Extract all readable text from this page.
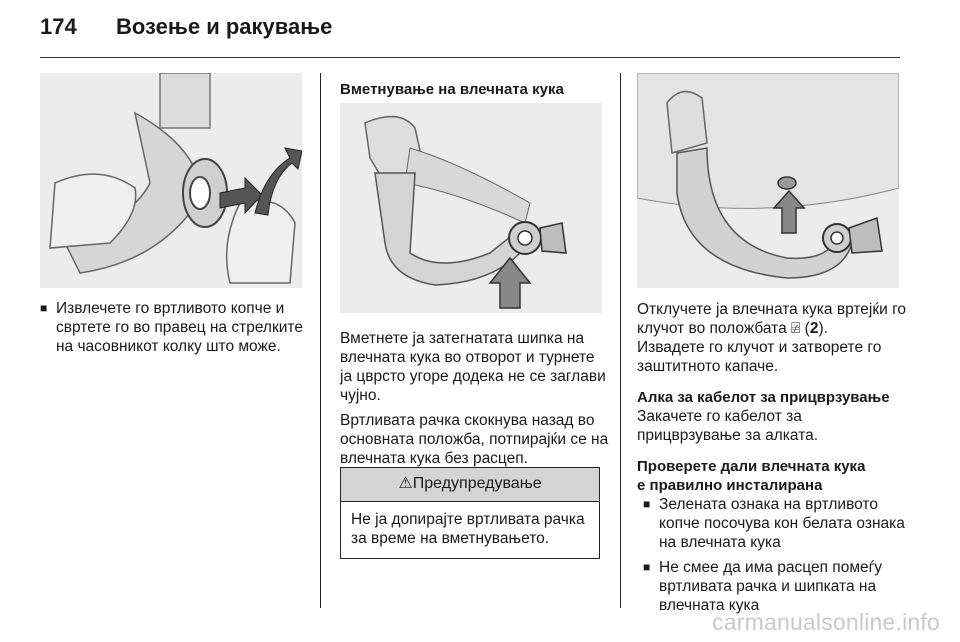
174 Возење и ракување
■ Извлечете го вртливото копче и свртете го во правец на стрелките на часовникот колку што може.
Вметнување на влечната кука

Вметнете ја затегнатата шипка на влечната кука во отворот и турнете ја цврсто угоре додека не се заглави чујно.

Вртливата рачка скокнува назад во основната положба, потпирајќи се на влечната кука без расцеп.

⚠Предупредување
Не ја допирајте вртливата рачка за време на вметнувањето.

Отклучете ја влечната кука вртејќи го клучот во положбата ⍯ (2).

Извадете го клучот и затворете го заштитното капаче.

Алка за кабелот за прицврзување

Закачете го кабелот за прицврзување за алката.

Проверете дали влечната кука
е правилно инсталирана
■ Зелената ознака на вртливото копче посочува кон белата ознака на влечната кука
■ Не смее да има расцеп помеѓу вртливата рачка и шипката на влечната кука
carmanualsonline.info
